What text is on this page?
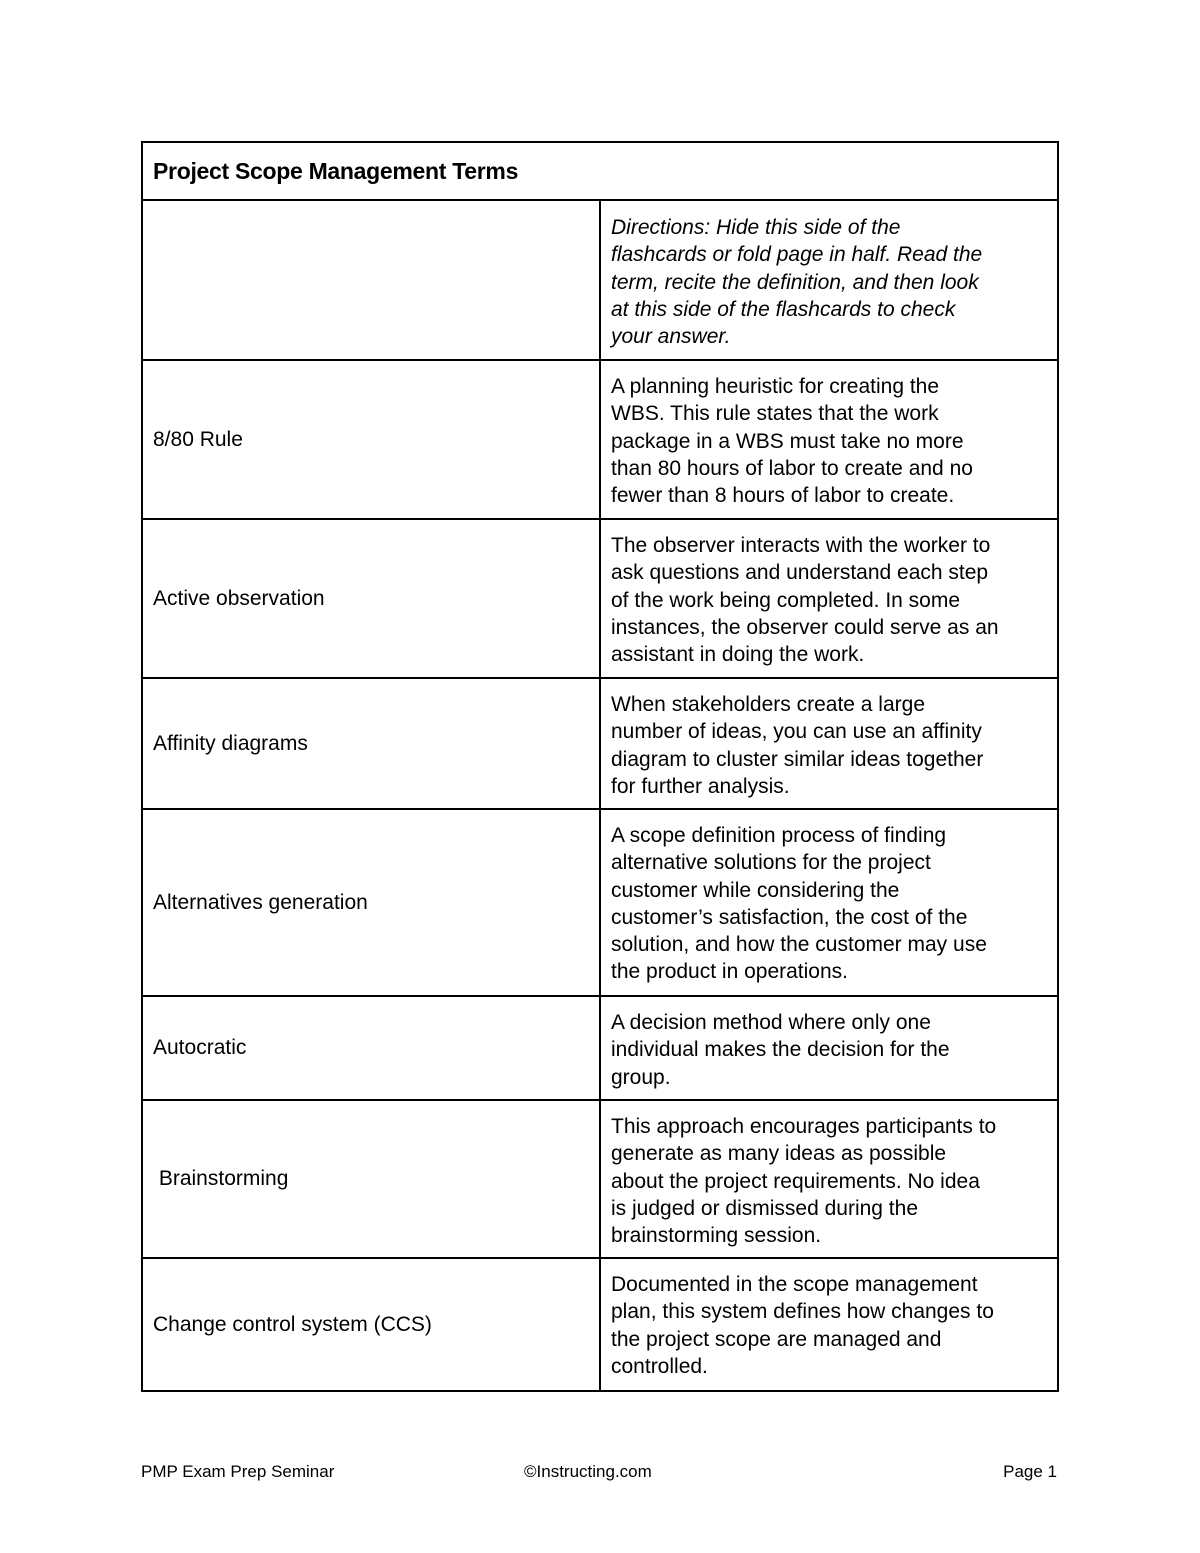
Project Scope Management Terms
Directions: Hide this side of the
flashcards or fold page in half. Read the
term, recite the definition, and then look
at this side of the flashcards to check
your answer.
8/80 Rule
A planning heuristic for creating the
WBS. This rule states that the work
package in a WBS must take no more
than 80 hours of labor to create and no
fewer than 8 hours of labor to create.
Active observation
The observer interacts with the worker to
ask questions and understand each step
of the work being completed. In some
instances, the observer could serve as an
assistant in doing the work.
Affinity diagrams
When stakeholders create a large
number of ideas, you can use an affinity
diagram to cluster similar ideas together
for further analysis.
Alternatives generation
A scope definition process of finding
alternative solutions for the project
customer while considering the
customer’s satisfaction, the cost of the
solution, and how the customer may use
the product in operations.
Autocratic
A decision method where only one
individual makes the decision for the
group.
Brainstorming
This approach encourages participants to
generate as many ideas as possible
about the project requirements. No idea
is judged or dismissed during the
brainstorming session.
Change control system (CCS)
Documented in the scope management
plan, this system defines how changes to
the project scope are managed and
controlled.
PMP Exam Prep Seminar	©Instructing.com	Page 1
